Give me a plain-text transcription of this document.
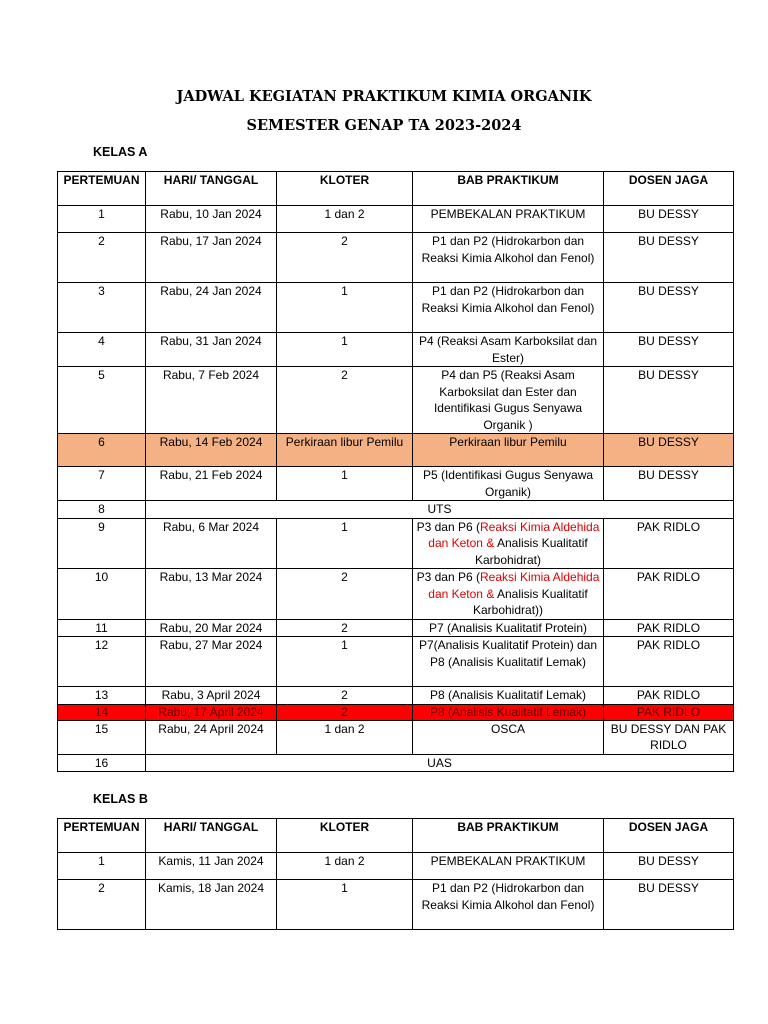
JADWAL KEGIATAN PRAKTIKUM KIMIA ORGANIK
SEMESTER GENAP TA 2023-2024
KELAS A
PERTEMUAN	HARI/ TANGGAL	KLOTER	BAB PRAKTIKUM	DOSEN JAGA
1	Rabu, 10 Jan 2024	1 dan 2	PEMBEKALAN PRAKTIKUM	BU DESSY
2	Rabu, 17 Jan 2024	2	P1 dan P2 (Hidrokarbon dan Reaksi Kimia Alkohol dan Fenol)	BU DESSY
3	Rabu, 24 Jan 2024	1	P1 dan P2 (Hidrokarbon dan Reaksi Kimia Alkohol dan Fenol)	BU DESSY
4	Rabu, 31 Jan 2024	1	P4 (Reaksi Asam Karboksilat dan Ester)	BU DESSY
5	Rabu, 7 Feb 2024	2	P4 dan P5 (Reaksi Asam Karboksilat dan Ester dan Identifikasi Gugus Senyawa Organik )	BU DESSY
6	Rabu, 14 Feb 2024	Perkiraan libur Pemilu	Perkiraan libur Pemilu	BU DESSY
7	Rabu, 21 Feb 2024	1	P5 (Identifikasi Gugus Senyawa Organik)	BU DESSY
8	UTS			
9	Rabu, 6 Mar 2024	1	P3 dan P6 (Reaksi Kimia Aldehida dan Keton & Analisis Kualitatif Karbohidrat)	PAK RIDLO
10	Rabu, 13 Mar 2024	2	P3 dan P6 (Reaksi Kimia Aldehida dan Keton & Analisis Kualitatif Karbohidrat))	PAK RIDLO
11	Rabu, 20 Mar 2024	2	P7 (Analisis Kualitatif Protein)	PAK RIDLO
12	Rabu, 27 Mar 2024	1	P7(Analisis Kualitatif Protein) dan P8 (Analisis Kualitatif Lemak)	PAK RIDLO
13	Rabu, 3 April 2024	2	P8 (Analisis Kualitatif Lemak)	PAK RIDLO
14	Rabu, 17 April 2024	2	P8 (Analisis Kualitatif Lemak)	PAK RIDLO
15	Rabu, 24 April 2024	1 dan 2	OSCA	BU DESSY DAN PAK RIDLO
16	UAS			
KELAS B
PERTEMUAN	HARI/ TANGGAL	KLOTER	BAB PRAKTIKUM	DOSEN JAGA
1	Kamis, 11 Jan 2024	1 dan 2	PEMBEKALAN PRAKTIKUM	BU DESSY
2	Kamis, 18 Jan 2024	1	P1 dan P2 (Hidrokarbon dan Reaksi Kimia Alkohol dan Fenol)	BU DESSY
